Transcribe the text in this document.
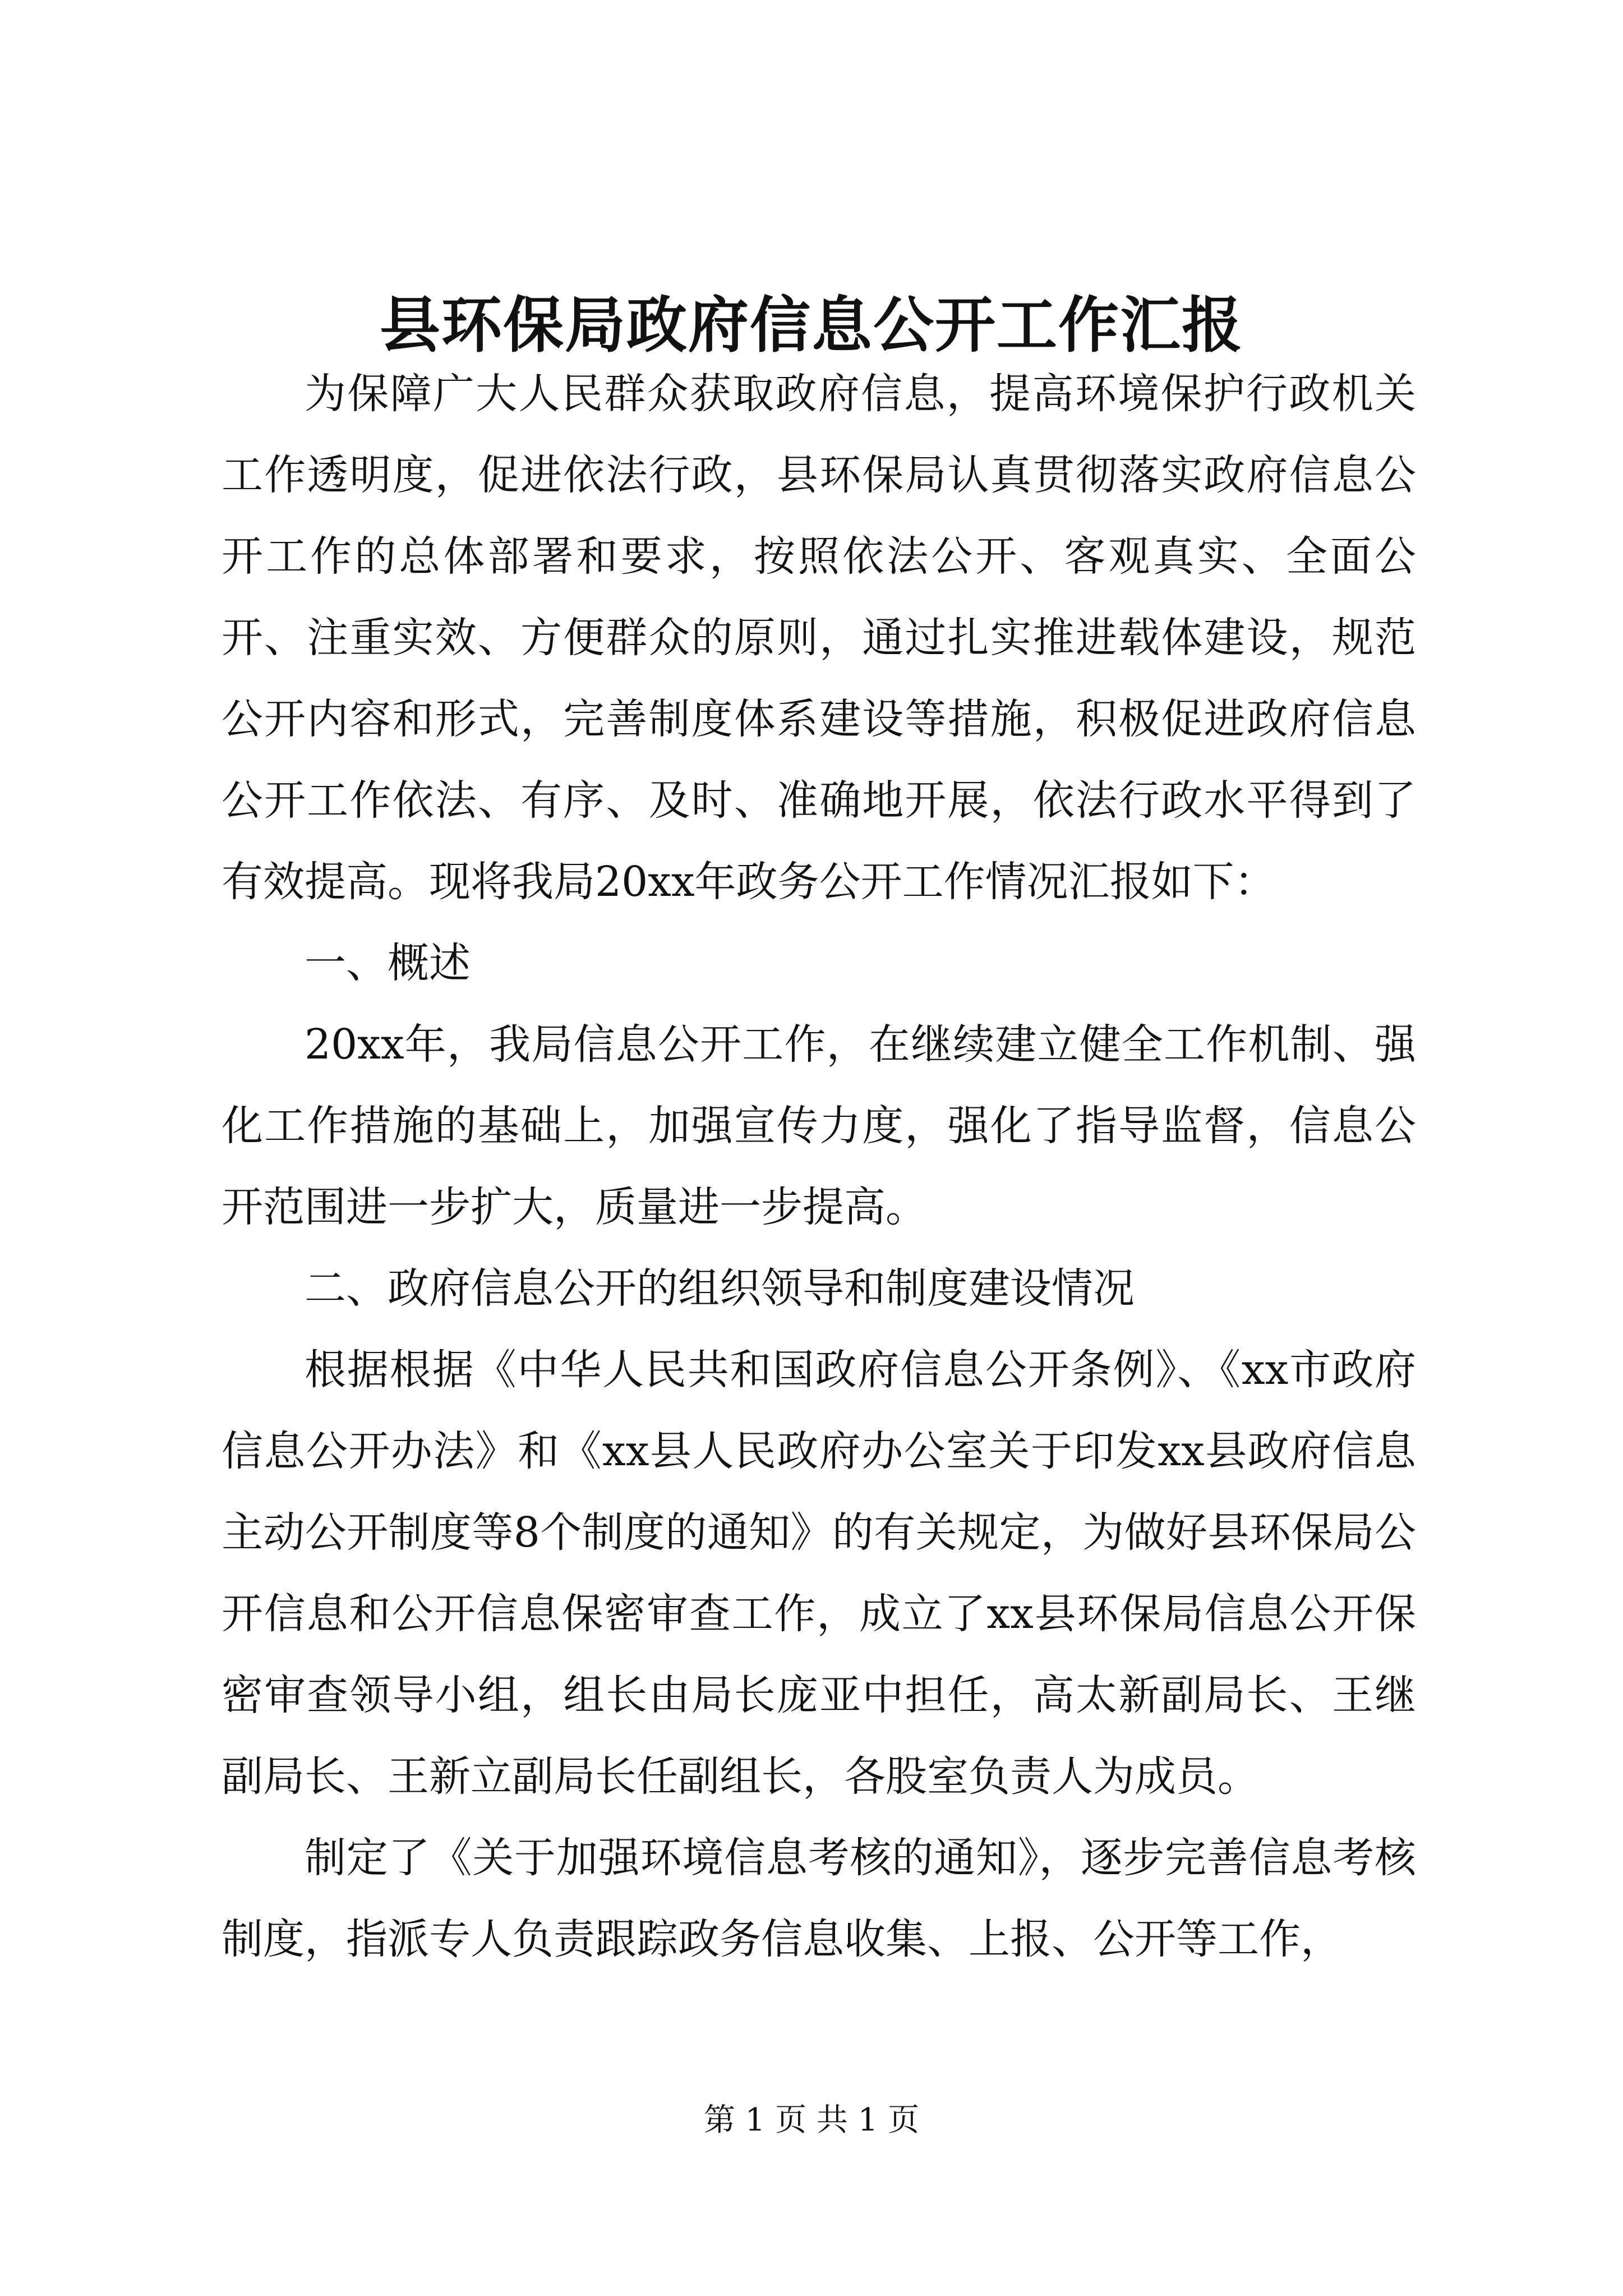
县环保局政府信息公开工作汇报

为保障广大人民群众获取政府信息，提高环境保护行政机关工作透明度，促进依法行政，县环保局认真贯彻落实政府信息公开工作的总体部署和要求，按照依法公开、客观真实、全面公开、注重实效、方便群众的原则，通过扎实推进载体建设，规范公开内容和形式，完善制度体系建设等措施，积极促进政府信息公开工作依法、有序、及时、准确地开展，依法行政水平得到了有效提高。现将我局20xx年政务公开工作情况汇报如下：

一、概述

20xx年，我局信息公开工作，在继续建立健全工作机制、强化工作措施的基础上，加强宣传力度，强化了指导监督，信息公开范围进一步扩大，质量进一步提高。

二、政府信息公开的组织领导和制度建设情况

根据根据《中华人民共和国政府信息公开条例》、《xx市政府信息公开办法》和《xx县人民政府办公室关于印发xx县政府信息主动公开制度等8个制度的通知》的有关规定，为做好县环保局公开信息和公开信息保密审查工作，成立了xx县环保局信息公开保密审查领导小组，组长由局长庞亚中担任，高太新副局长、王继副局长、王新立副局长任副组长，各股室负责人为成员。

制定了《关于加强环境信息考核的通知》，逐步完善信息考核制度，指派专人负责跟踪政务信息收集、上报、公开等工作，

第 1 页 共 1 页
